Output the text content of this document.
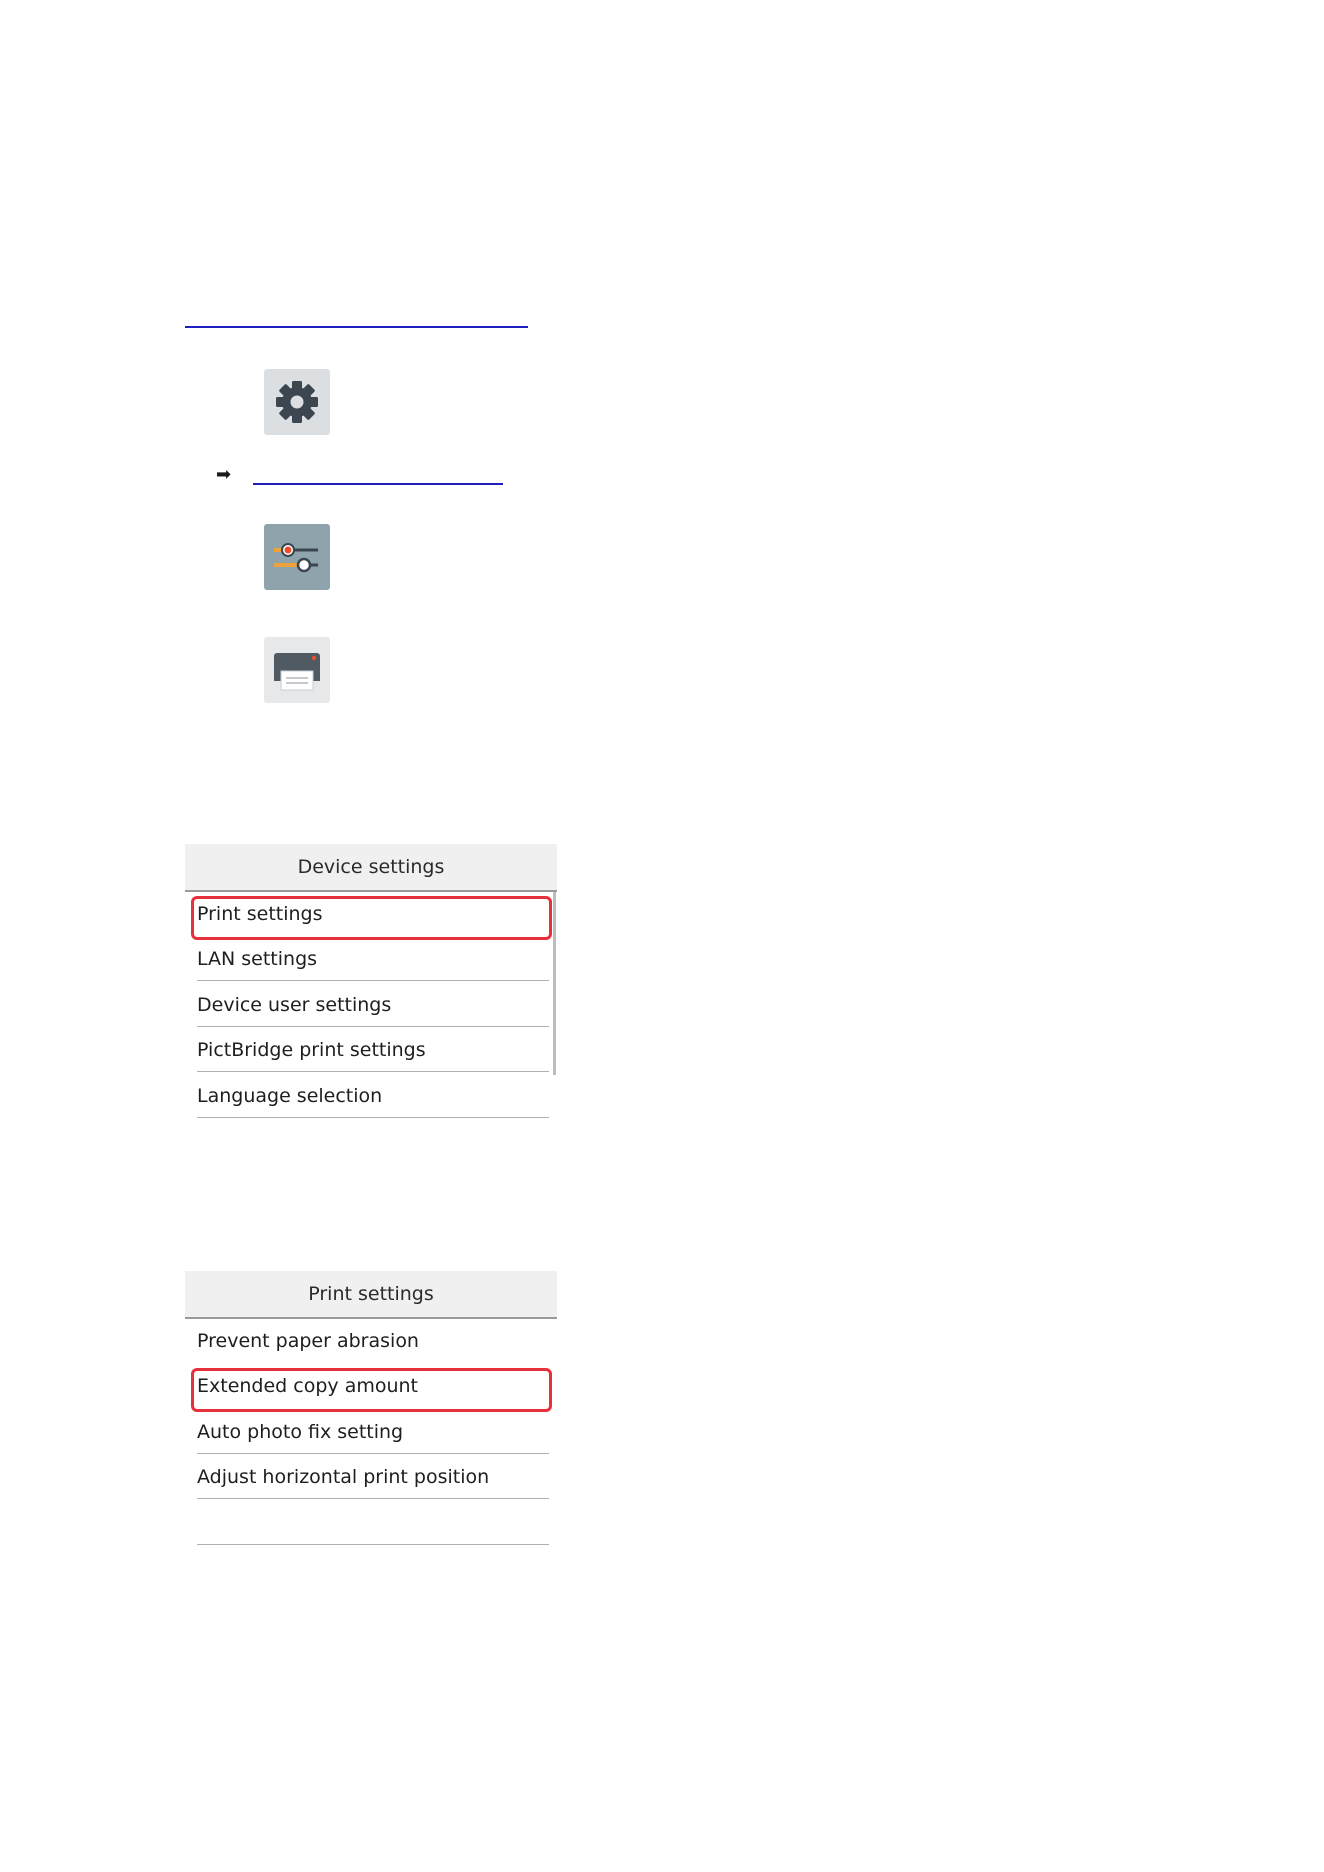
➡
Device settings
Print settings
LAN settings
Device user settings
PictBridge print settings
Language selection
Print settings
Prevent paper abrasion
Extended copy amount
Auto photo fix setting
Adjust horizontal print position
